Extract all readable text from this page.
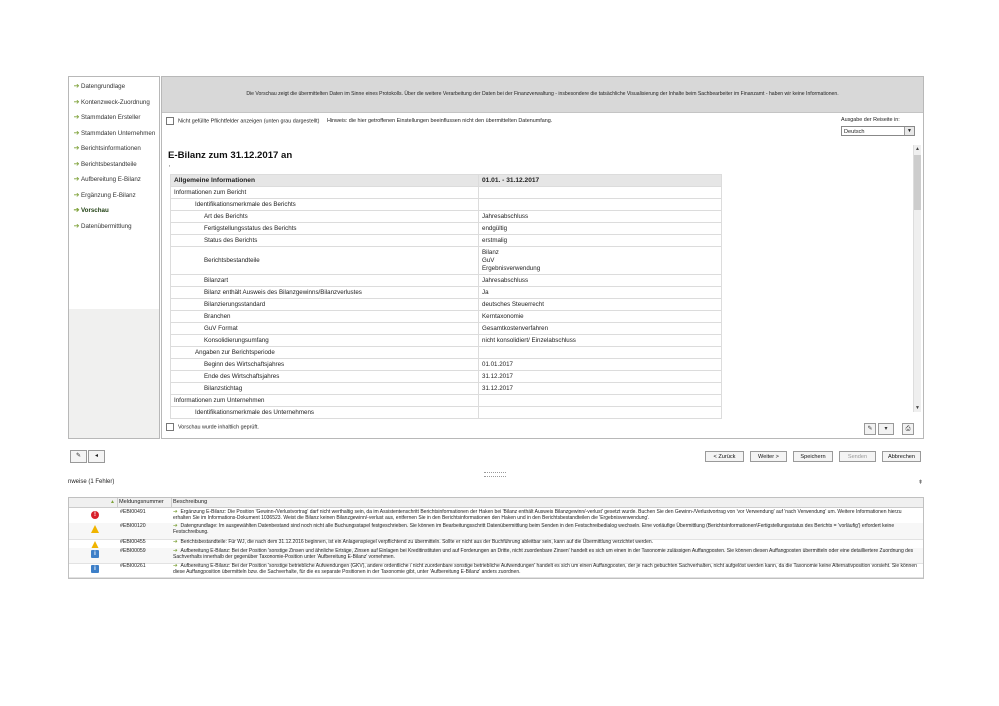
➔ Datengrundlage
➔ Kontenzweck-Zuordnung
➔ Stammdaten Ersteller
➔ Stammdaten Unternehmen
➔ Berichtsinformationen
➔ Berichtsbestandteile
➔ Aufbereitung E-Bilanz
➔ Ergänzung E-Bilanz
➔ Vorschau
➔ Datenübermittlung
Die Vorschau zeigt die übermittelten Daten im Sinne eines Protokolls. Über die weitere Verarbeitung der Daten bei der Finanzverwaltung - insbesondere die tatsächliche Visualisierung der Inhalte beim Sachbearbeiter im Finanzamt - haben wir keine Informationen.
Nicht gefüllte Pflichtfelder anzeigen (unten grau dargestellt) Hinweis: die hier getroffenen Einstellungen beeinflussen nicht den übermittelten Datenumfang.	Ausgabe der Reiseite in:
Deutsch	▼
E-Bilanz zum 31.12.2017 an
‚
Allgemeine Informationen	01.01. - 31.12.2017
Informationen zum Bericht	
Identifikationsmerkmale des Berichts	
Art des Berichts	Jahresabschluss
Fertigstellungsstatus des Berichts	endgültig
Status des Berichts	erstmalig
Berichtsbestandteile	Bilanz
GuV
Ergebnisverwendung
Bilanzart	Jahresabschluss
Bilanz enthält Ausweis des Bilanzgewinns/Bilanzverlustes	Ja
Bilanzierungsstandard	deutsches Steuerrecht
Branchen	Kerntaxonomie
GuV Format	Gesamtkostenverfahren
Konsolidierungsumfang	nicht konsolidiert/ Einzelabschluss
Angaben zur Berichtsperiode	
Beginn des Wirtschaftsjahres	01.01.2017
Ende des Wirtschaftsjahres	31.12.2017
Bilanzstichtag	31.12.2017
Informationen zum Unternehmen	
Identifikationsmerkmale des Unternehmens	
▲
▼
Vorschau wurde inhaltlich geprüft.	✎	▾	⎙
✎	◂	< Zurück	Weiter >	Speichern	Senden	Abbrechen
nweise (1 Fehler)	⇞
▲ Meldungsnummer	Beschreibung
!	#EBI00491	➔ Ergänzung E-Bilanz: Die Position 'Gewinn-/Verlustvortrag' darf nicht werthaltig sein, da im Assistentenschritt Berichtsinformationen der Haken bei 'Bilanz enthält Ausweis Bilanzgewinn/-verlust' gesetzt wurde. Buchen Sie den Gewinn-/Verlustvortrag von 'vor Verwendung' auf 'nach Verwendung' um. Weitere Informationen hierzu erhalten Sie im Informations-Dokument 1036523. Weist die Bilanz keinen Bilanzgewinn/-verlust aus, entfernen Sie in den Berichtsinformationen den Haken und in den Berichtsbestandteilen die 'Ergebnisverwendung'.
#EBI00120	➔ Datengrundlage: Im ausgewählten Datenbestand sind noch nicht alle Buchungsstapel festgeschrieben. Sie können im Bearbeitungsschritt Datenübermittlung beim Senden in den Festschreibedialog wechseln. Eine vorläufige Übermittlung (Berichtsinformationen\Fertigstellungsstatus des Berichts = 'vorläufig') erfordert keine Festschreibung.
#EBI00455	➔ Berichtsbestandteile: Für WJ, die nach dem 31.12.2016 beginnen, ist ein Anlagenspiegel verpflichtend zu übermitteln. Sollte er nicht aus der Buchführung ableitbar sein, kann auf die Übermittlung verzichtet werden.
i	#EBI00059	➔ Aufbereitung E-Bilanz: Bei der Position 'sonstige Zinsen und ähnliche Erträge, Zinsen auf Einlagen bei Kreditinstituten und auf Forderungen an Dritte, nicht zuordenbare Zinsen' handelt es sich um einen in der Taxonomie zulässigen Auffangposten. Sie können diesen Auffangposten übermitteln oder eine detailliertere Zuordnung des Sachverhalts innerhalb der gegenüber Taxonomie-Position unter 'Aufbereitung E-Bilanz' vornehmen.
i	#EBI00261	➔ Aufbereitung E-Bilanz: Bei der Position 'sonstige betriebliche Aufwendungen (GKV), andere ordentliche / nicht zuordenbare sonstige betriebliche Aufwendungen' handelt es sich um einen Auffangposten, der je nach gebuchten Sachverhalten, nicht aufgelöst werden kann, da die Taxonomie keine Alternativposition vorsieht. Sie können diese Auffangposition übermitteln bzw. die Sachverhalte, für die es separate Positionen in der Taxonomie gibt, unter 'Aufbereitung E-Bilanz' anders zuordnen.
